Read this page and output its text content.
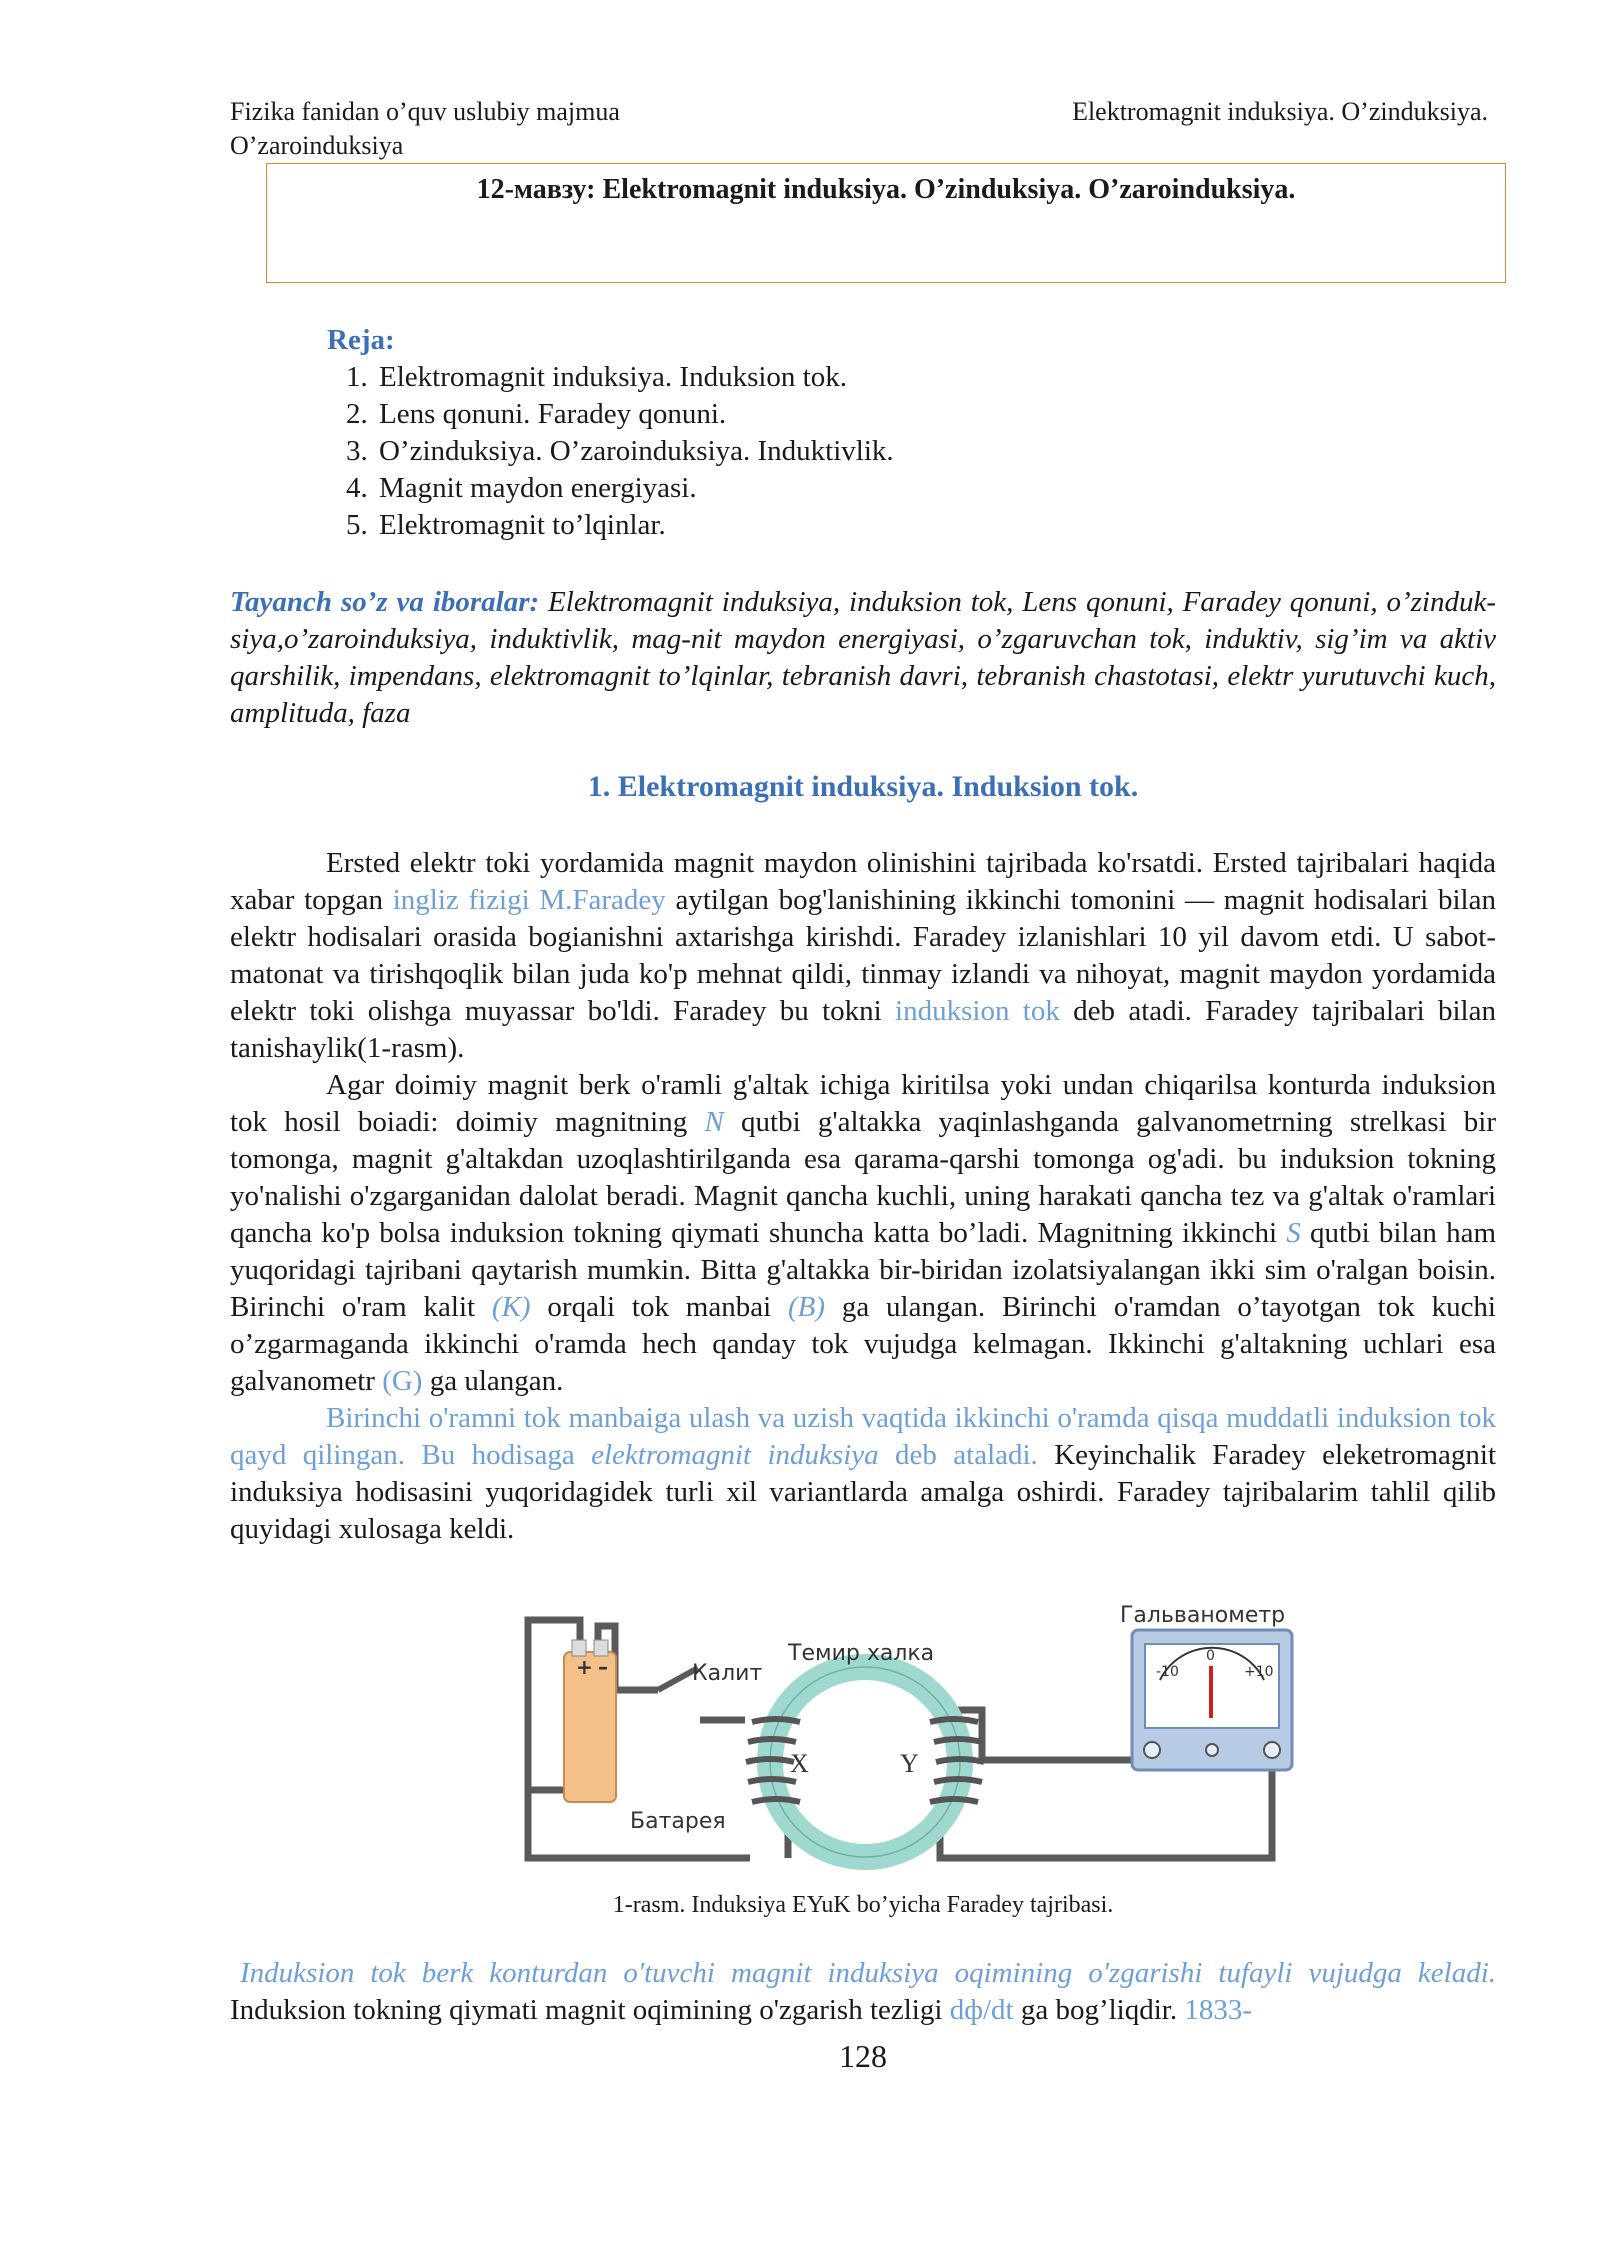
Fizika fanidan o’quv uslubiy majmua
O’zaroinduksiya
Elektromagnit induksiya. O’zinduksiya.
12-мавзу: Elektromagnit induksiya. O’zinduksiya. O’zaroinduksiya.
Reja:
1. Elektromagnit induksiya. Induksion tok.
2. Lens qonuni. Faradey qonuni.
3. O’zinduksiya. O’zaroinduksiya. Induktivlik.
4. Magnit maydon energiyasi.
5. Elektromagnit to’lqinlar.
Tayanch so’z va iboralar: Elektromagnit induksiya, induksion tok, Lens qonuni, Faradey qonuni, o’zinduk-siya,o’zaroinduksiya, induktivlik, mag-nit maydon energiyasi, o’zgaruvchan tok, induktiv, sig’im va aktiv qarshilik, impendans, elektromagnit to’lqinlar, tebranish davri, tebranish chastotasi, elektr yurutuvchi kuch, amplituda, faza
1. Elektromagnit induksiya. Induksion tok.

Ersted elektr toki yordamida magnit maydon olinishini tajribada ko'rsatdi. Ersted tajribalari haqida xabar topgan ingliz fizigi M.Faradey aytilgan bog'lanishining ikkinchi tomonini — magnit hodisalari bilan elektr hodisalari orasida bogianishni axtarishga kirishdi. Faradey izlanishlari 10 yil davom etdi. U sabot-matonat va tirishqoqlik bilan juda ko'p mehnat qildi, tinmay izlandi va nihoyat, magnit maydon yordamida elektr toki olishga muyassar bo'ldi. Faradey bu tokni induksion tok deb atadi. Faradey tajribalari bilan tanishaylik(1-rasm).

Agar doimiy magnit berk o'ramli g'altak ichiga kiritilsa yoki undan chiqarilsa konturda induksion tok hosil boiadi: doimiy magnitning N qutbi g'altakka yaqinlashganda galvanometrning strelkasi bir tomonga, magnit g'altakdan uzoqlashtirilganda esa qarama-qarshi tomonga og'adi. bu induksion tokning yo'nalishi o'zgarganidan dalolat beradi. Magnit qancha kuchli, uning harakati qancha tez va g'altak o'ramlari qancha ko'p bolsa induksion tokning qiymati shuncha katta bo’ladi. Magnitning ikkinchi S qutbi bilan ham yuqoridagi tajribani qaytarish mumkin. Bitta g'altakka bir-biridan izolatsiyalangan ikki sim o'ralgan boisin. Birinchi o'ram kalit (K) orqali tok manbai (B) ga ulangan. Birinchi o'ramdan o’tayotgan tok kuchi o’zgarmaganda ikkinchi o'ramda hech qanday tok vujudga kelmagan. Ikkinchi g'altakning uchlari esa galvanometr (G) ga ulangan.

Birinchi o'ramni tok manbaiga ulash va uzish vaqtida ikkinchi o'ramda qisqa muddatli induksion tok qayd qilingan. Bu hodisaga elektromagnit induksiya deb ataladi. Keyinchalik Faradey eleketromagnit induksiya hodisasini yuqoridagidek turli xil variantlarda amalga oshirdi. Faradey tajribalarim tahlil qilib quyidagi xulosaga keldi.

+ –
X	Y
-10
0
+10
Гальванометр
Темир халка
Калит
Батарея
1-rasm. Induksiya EYuK bo’yicha Faradey tajribasi.
Induksion tok berk konturdan o'tuvchi magnit induksiya oqimining o'zgarishi tufayli vujudga keladi. Induksion tokning qiymati magnit oqimining o'zgarish tezligi dф/dt ga bog’liqdir. 1833-
128
